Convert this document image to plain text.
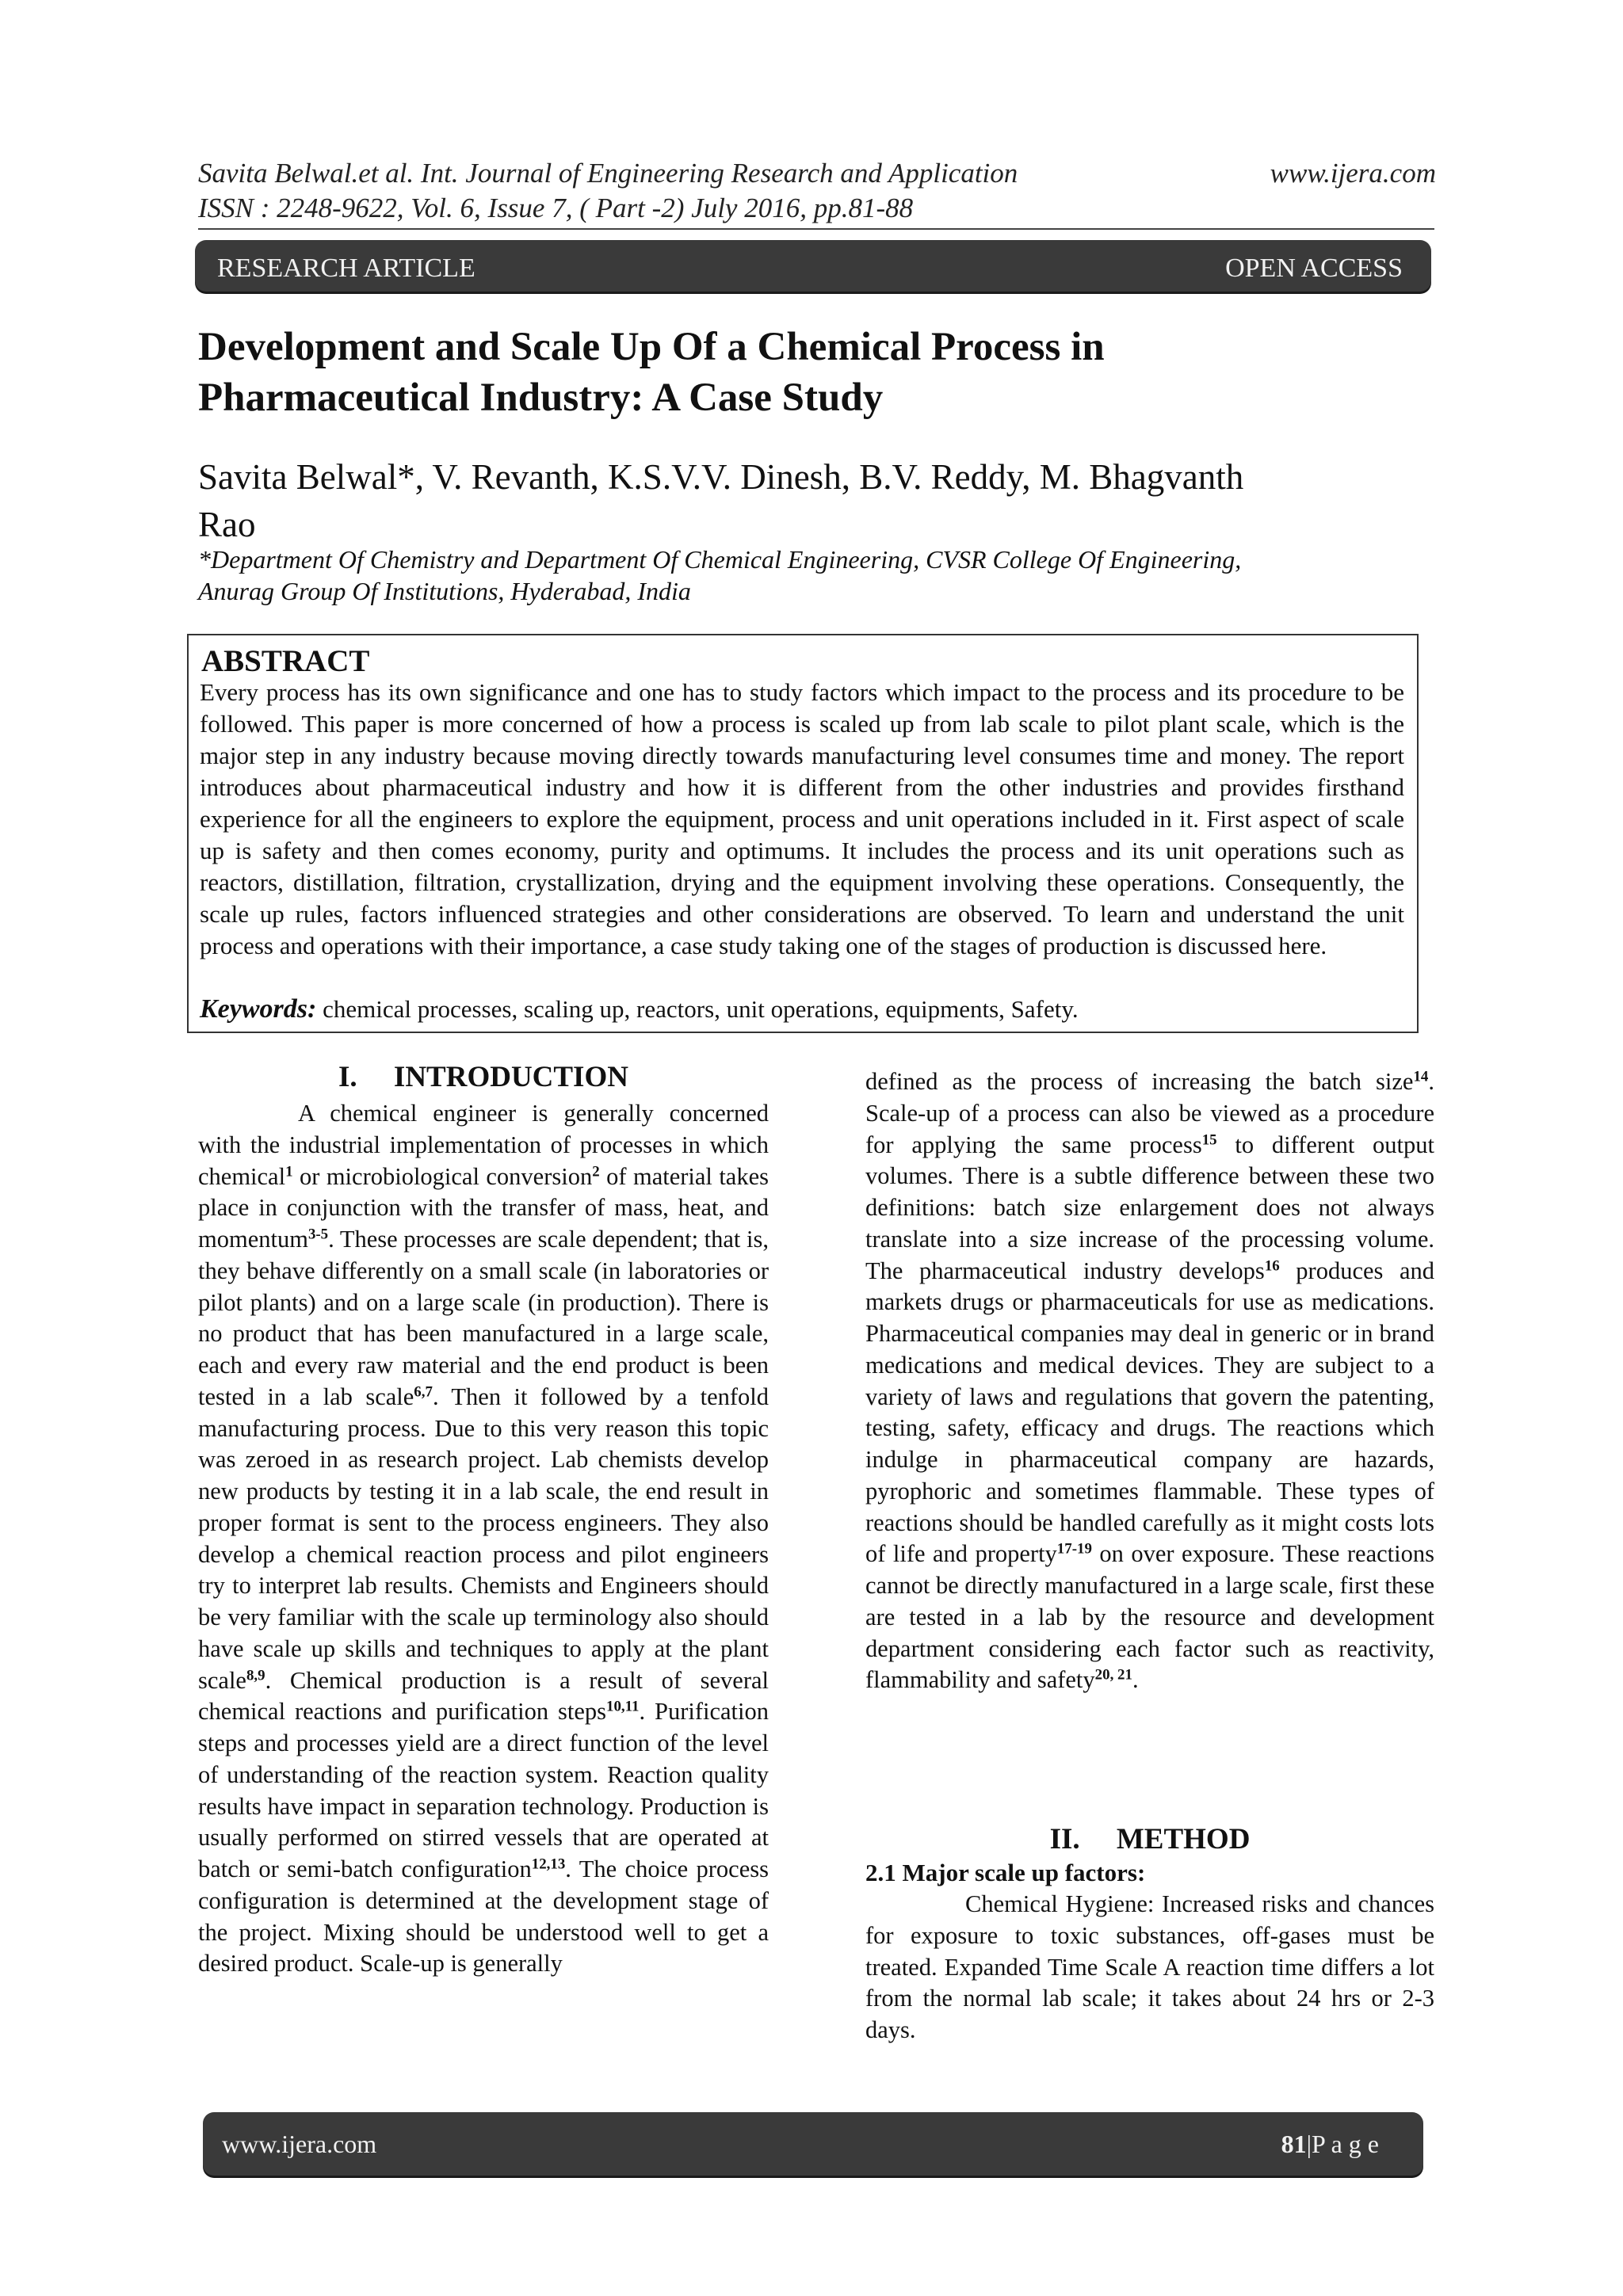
Savita Belwal.et al. Int. Journal of Engineering Research and Application	www.ijera.com
ISSN : 2248-9622, Vol. 6, Issue 7, ( Part -2) July 2016, pp.81-88
RESEARCH ARTICLE	OPEN ACCESS
Development and Scale Up Of a Chemical Process in
Pharmaceutical Industry: A Case Study
Savita Belwal*, V. Revanth, K.S.V.V. Dinesh, B.V. Reddy, M. Bhagvanth
Rao
*Department Of Chemistry and Department Of Chemical Engineering, CVSR College Of Engineering,
Anurag Group Of Institutions, Hyderabad, India
ABSTRACT
Every process has its own significance and one has to study factors which impact to the process and its procedure to be followed. This paper is more concerned of how a process is scaled up from lab scale to pilot plant scale, which is the major step in any industry because moving directly towards manufacturing level consumes time and money. The report introduces about pharmaceutical industry and how it is different from the other industries and provides firsthand experience for all the engineers to explore the equipment, process and unit operations included in it. First aspect of scale up is safety and then comes economy, purity and optimums. It includes the process and its unit operations such as reactors, distillation, filtration, crystallization, drying and the equipment involving these operations. Consequently, the scale up rules, factors influenced strategies and other considerations are observed. To learn and understand the unit process and operations with their importance, a case study taking one of the stages of production is discussed here.
Keywords: chemical processes, scaling up, reactors, unit operations, equipments, Safety.
I. INTRODUCTION

A chemical engineer is generally concerned with the industrial implementation of processes in which chemical$^1$ or microbiological conversion$^2$ of material takes place in conjunction with the transfer of mass, heat, and momentum$^{3-5}$. These processes are scale dependent; that is, they behave differently on a small scale (in laboratories or pilot plants) and on a large scale (in production). There is no product that has been manufactured in a large scale, each and every raw material and the end product is been tested in a lab scale$^{6,7}$. Then it followed by a tenfold manufacturing process. Due to this very reason this topic was zeroed in as research project. Lab chemists develop new products by testing it in a lab scale, the end result in proper format is sent to the process engineers. They also develop a chemical reaction process and pilot engineers try to interpret lab results. Chemists and Engineers should be very familiar with the scale up terminology also should have scale up skills and techniques to apply at the plant scale$^{8,9}$. Chemical production is a result of several chemical reactions and purification steps$^{10,11}$. Purification steps and processes yield are a direct function of the level of understanding of the reaction system. Reaction quality results have impact in separation technology. Production is usually performed on stirred vessels that are operated at batch or semi-batch configuration$^{12,13}$. The choice process configuration is determined at the development stage of the project. Mixing should be understood well to get a desired product. Scale-up is generally

defined as the process of increasing the batch size$^{14}$. Scale-up of a process can also be viewed as a procedure for applying the same process$^{15}$ to different output volumes. There is a subtle difference between these two definitions: batch size enlargement does not always translate into a size increase of the processing volume. The pharmaceutical industry develops$^{16}$ produces and markets drugs or pharmaceuticals for use as medications. Pharmaceutical companies may deal in generic or in brand medications and medical devices. They are subject to a variety of laws and regulations that govern the patenting, testing, safety, efficacy and drugs. The reactions which indulge in pharmaceutical company are hazards, pyrophoric and sometimes flammable. These types of reactions should be handled carefully as it might costs lots of life and property$^{17-19}$ on over exposure. These reactions cannot be directly manufactured in a large scale, first these are tested in a lab by the resource and development department considering each factor such as reactivity, flammability and safety$^{20, 21}$.

II. METHOD
2.1 Major scale up factors:

Chemical Hygiene: Increased risks and chances for exposure to toxic substances, off-gases must be treated. Expanded Time Scale A reaction time differs a lot from the normal lab scale; it takes about 24 hrs or 2-3 days.

www.ijera.com	81|P a g e
